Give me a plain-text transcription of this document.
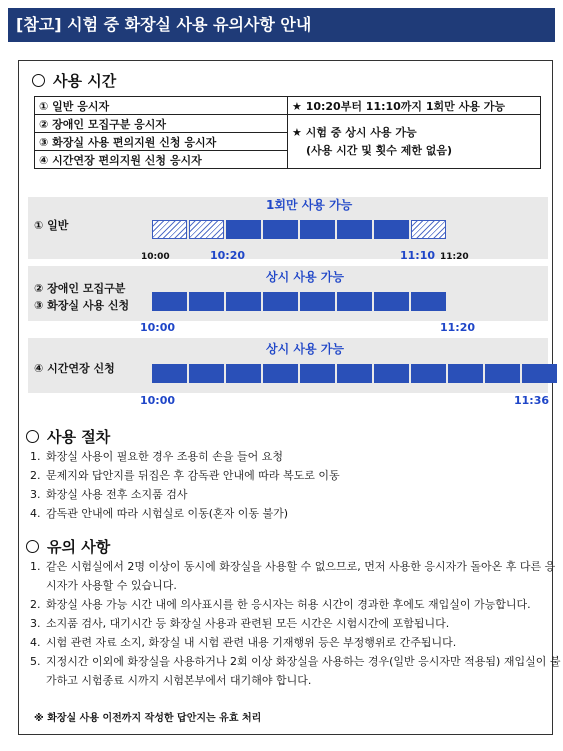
[참고] 시험 중 화장실 사용 유의사항 안내
사용 시간
① 일반 응시자	★ 10:20부터 11:10까지 1회만 사용 가능
② 장애인 모집구분 응시자	★ 시험 중 상시 사용 가능
(사용 시간 및 횟수 제한 없음)

③ 화장실 사용 편의지원 신청 응시자	
④ 시간연장 편의지원 신청 응시자	
① 일반
1회만 사용 가능
10:00	10:20	11:10 11:20
② 장애인 모집구분
③ 화장실 사용 신청
상시 사용 가능
10:00	11:20
④ 시간연장 신청
상시 사용 가능
10:00	11:36
사용 절차
1. 화장실 사용이 필요한 경우 조용히 손을 들어 요청
2. 문제지와 답안지를 뒤집은 후 감독관 안내에 따라 복도로 이동
3. 화장실 사용 전후 소지품 검사
4. 감독관 안내에 따라 시험실로 이동(혼자 이동 불가)
유의 사항
1. 같은 시험실에서 2명 이상이 동시에 화장실을 사용할 수 없으므로, 먼저 사용한 응시자가 돌아온 후 다른 응시자가 사용할 수 있습니다.
2. 화장실 사용 가능 시간 내에 의사표시를 한 응시자는 허용 시간이 경과한 후에도 재입실이 가능합니다.
3. 소지품 검사, 대기시간 등 화장실 사용과 관련된 모든 시간은 시험시간에 포함됩니다.
4. 시험 관련 자료 소지, 화장실 내 시험 관련 내용 기재행위 등은 부정행위로 간주됩니다.
5. 지정시간 이외에 화장실을 사용하거나 2회 이상 화장실을 사용하는 경우(일반 응시자만 적용됨) 재입실이 불가하고 시험종료 시까지 시험본부에서 대기해야 합니다.
※ 화장실 사용 이전까지 작성한 답안지는 유효 처리
